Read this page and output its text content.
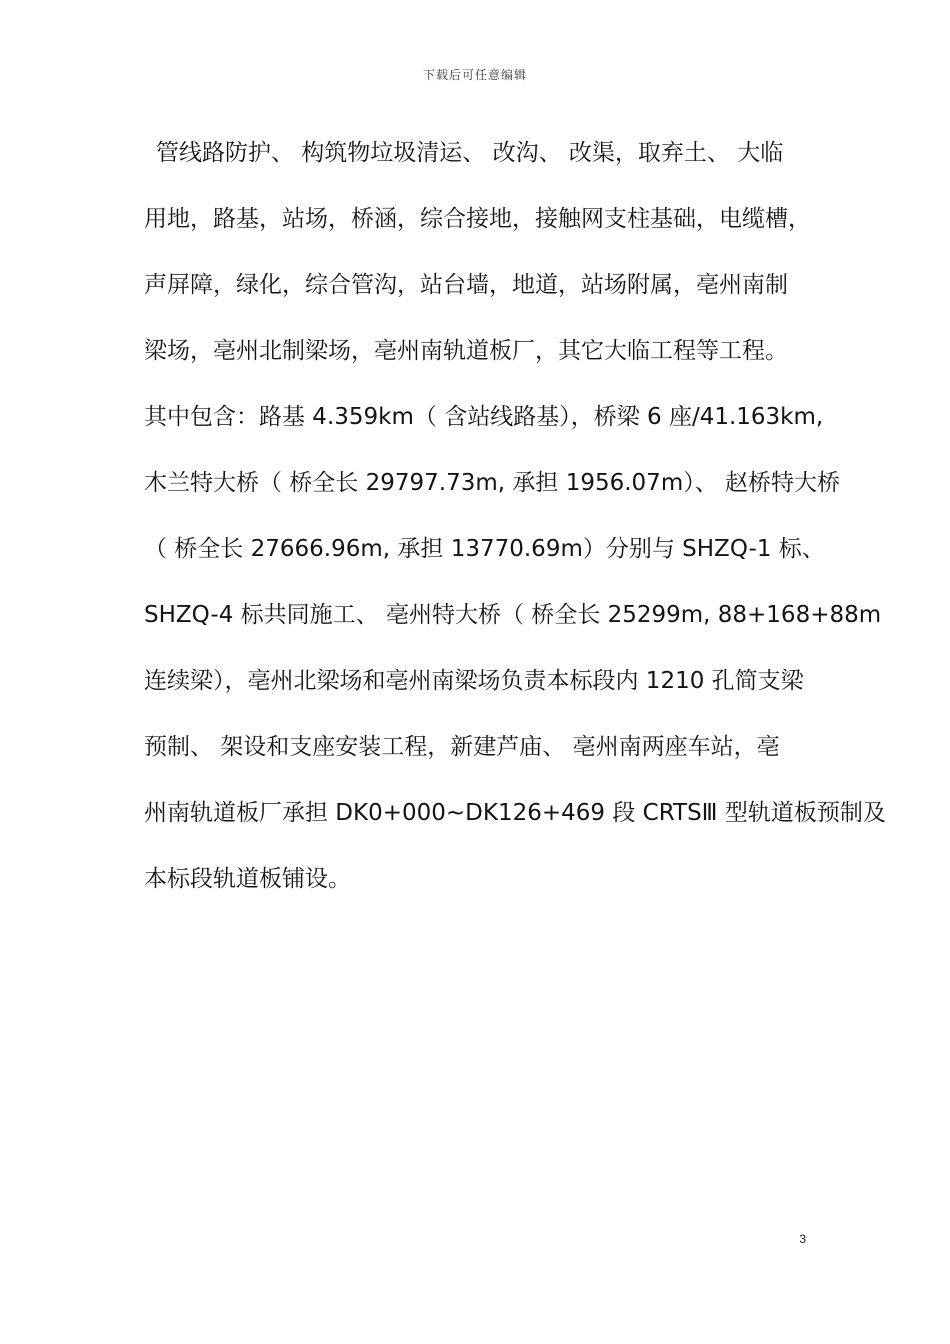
下载后可任意编辑
管线路防护、 构筑物垃圾清运、 改沟、 改渠，取弃土、 大临
用地，路基，站场，桥涵，综合接地，接触网支柱基础，电缆槽，
声屏障，绿化，综合管沟，站台墙，地道，站场附属，亳州南制
梁场，亳州北制梁场，亳州南轨道板厂，其它大临工程等工程。
其中包含：路基 4.359km（ 含站线路基），桥梁 6 座/41.163km,
木兰特大桥（ 桥全长 29797.73m, 承担 1956.07m）、 赵桥特大桥
（ 桥全长 27666.96m, 承担 13770.69m）分别与 SHZQ-1 标、
SHZQ-4 标共同施工、 亳州特大桥（ 桥全长 25299m, 88+168+88m
连续梁），亳州北梁场和亳州南梁场负责本标段内 1210 孔简支梁
预制、 架设和支座安装工程，新建芦庙、 亳州南两座车站，亳
州南轨道板厂承担 DK0+000~DK126+469 段 CRTSⅢ 型轨道板预制及
本标段轨道板铺设。
3
